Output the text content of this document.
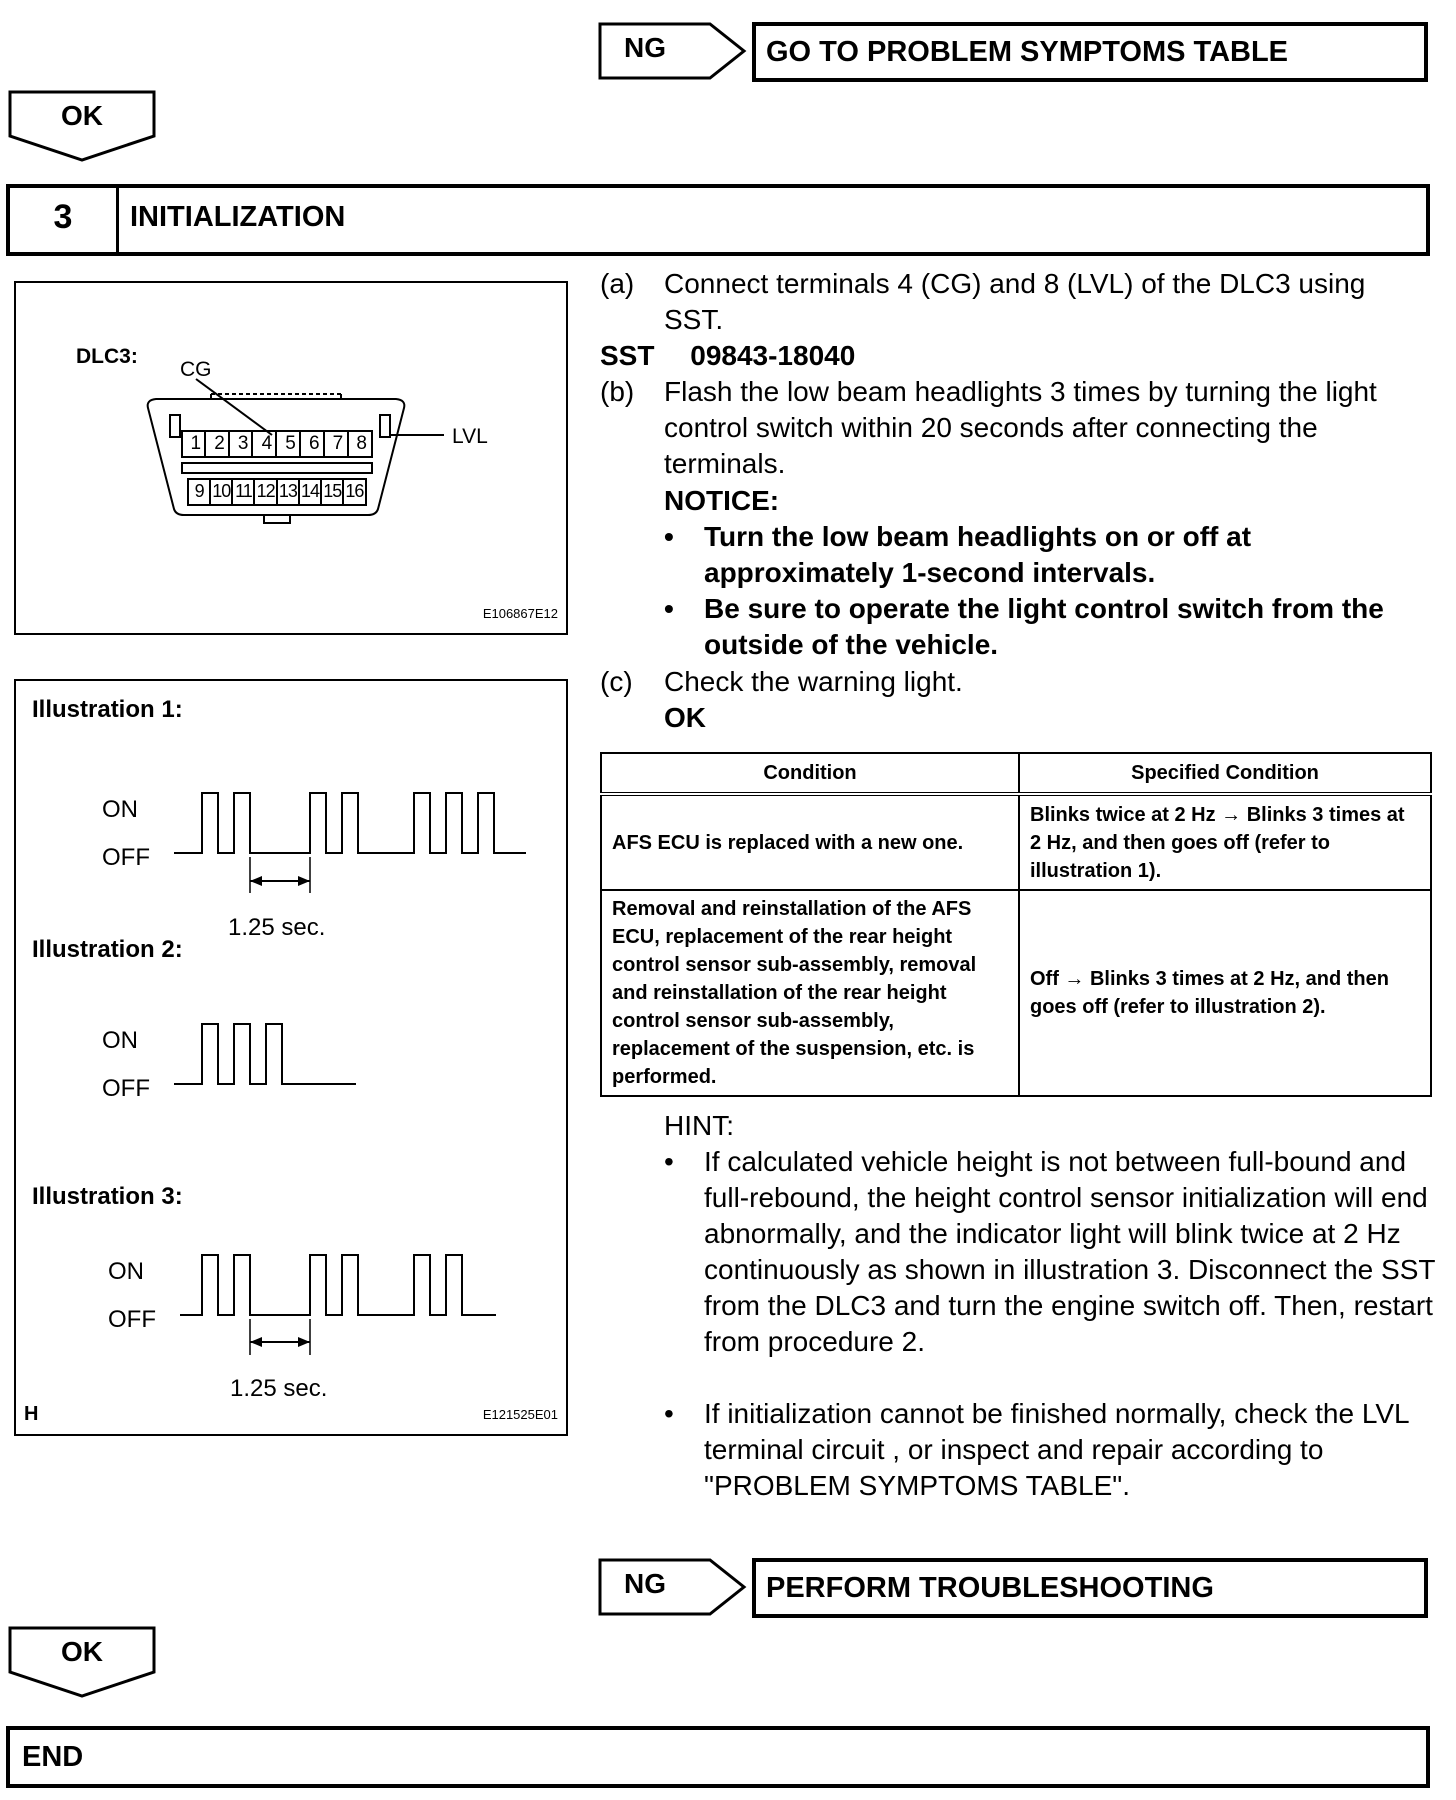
NG	GO TO PROBLEM SYMPTOMS TABLE
OK
3	INITIALIZATION
DLC3:
CG
LVL
1 2 3 4 5 6 7 8
9 10 11 12 13 14 15 16
E106867E12
Illustration 1:
ON
OFF
1.25 sec.
Illustration 2:
ON
OFF
Illustration 3:
ON
OFF
1.25 sec.
H	E121525E01
(a) Connect terminals 4 (CG) and 8 (LVL) of the DLC3 using SST.
SST 09843-18040
(b) Flash the low beam headlights 3 times by turning the light control switch within 20 seconds after connecting the terminals.
NOTICE:
• Turn the low beam headlights on or off at approximately 1-second intervals.
• Be sure to operate the light control switch from the outside of the vehicle.
(c) Check the warning light.
OK
Condition	Specified Condition
AFS ECU is replaced with a new one.	Blinks twice at 2 Hz → Blinks 3 times at 2 Hz, and then goes off (refer to illustration 1).
Removal and reinstallation of the AFS ECU, replacement of the rear height control sensor sub-assembly, removal and reinstallation of the rear height control sensor sub-assembly, replacement of the suspension, etc. is performed.	Off → Blinks 3 times at 2 Hz, and then goes off (refer to illustration 2).
HINT:
• If calculated vehicle height is not between full-bound and full-rebound, the height control sensor initialization will end abnormally, and the indicator light will blink twice at 2 Hz continuously as shown in illustration 3. Disconnect the SST from the DLC3 and turn the engine switch off. Then, restart from procedure 2.
• If initialization cannot be finished normally, check the LVL terminal circuit , or inspect and repair according to "PROBLEM SYMPTOMS TABLE".
NG	PERFORM TROUBLESHOOTING
OK
END
